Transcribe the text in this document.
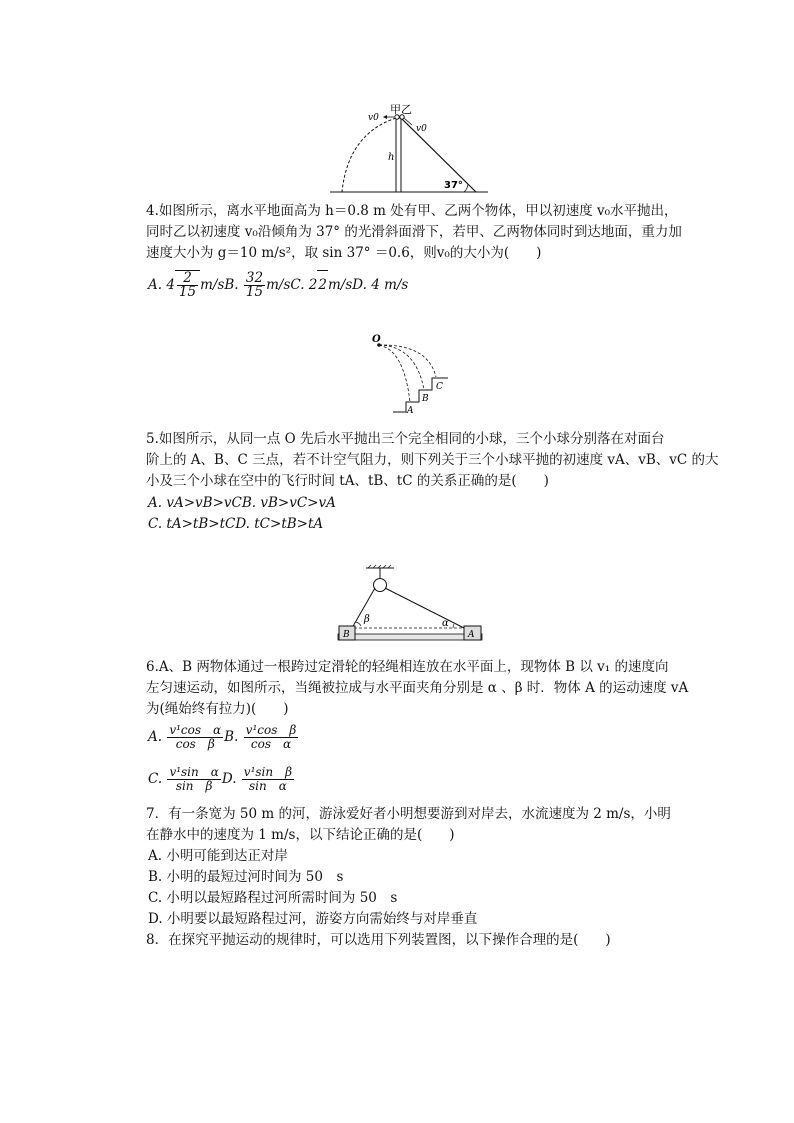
甲乙
v0
v0
h
37°
4.如图所示，离水平地面高为 h＝0.8 m 处有甲、乙两个物体，甲以初速度 v₀水平抛出，
同时乙以初速度 v₀沿倾角为 37° 的光滑斜面滑下，若甲、乙两物体同时到达地面，重力加
速度大小为 g＝10 m/s²，取 sin 37° ＝0.6，则v₀的大小为(　　)
A. $4 \frac{2}{15} m/sB$. $\frac{32}{15} m/sC$. 22m/sD. 4 m/s
O
A
B
C
5.如图所示，从同一点 O 先后水平抛出三个完全相同的小球，三个小球分别落在对面台
阶上的 A、B、C 三点，若不计空气阻力，则下列关于三个小球平抛的初速度 vA、vB、vC 的大
小及三个小球在空中的飞行时间 tA、tB、tC 的关系正确的是(　　)
A. vA>vB>vCB. vB>vC>vA
C. tA>tB>tCD. tC>tB>tA
B	A
β	α
6.A、B 两物体通过一根跨过定滑轮的轻绳相连放在水平面上，现物体 B 以 v₁ 的速度向
左匀速运动，如图所示，当绳被拉成与水平面夹角分别是 α 、β 时．物体 A 的运动速度 vA
为(绳始终有拉力)(　　)
A. $\frac{\text{v¹cos　α}}{\text{cos　β}} B$. $\frac{\text{v¹cos　β}}{\text{cos　α}}$
C. $\frac{\text{v¹sin　α}}{\text{sin　β}} D$. $\frac{\text{v¹sin　β}}{\text{sin　α}}$
7．有一条宽为 50 m 的河，游泳爱好者小明想要游到对岸去，水流速度为 2 m/s，小明
在静水中的速度为 1 m/s，以下结论正确的是(　　)
A. 小明可能到达正对岸
B. 小明的最短过河时间为 50　s
C. 小明以最短路程过河所需时间为 50　s
D. 小明要以最短路程过河，游姿方向需始终与对岸垂直
8．在探究平抛运动的规律时，可以选用下列装置图，以下操作合理的是(　　)
